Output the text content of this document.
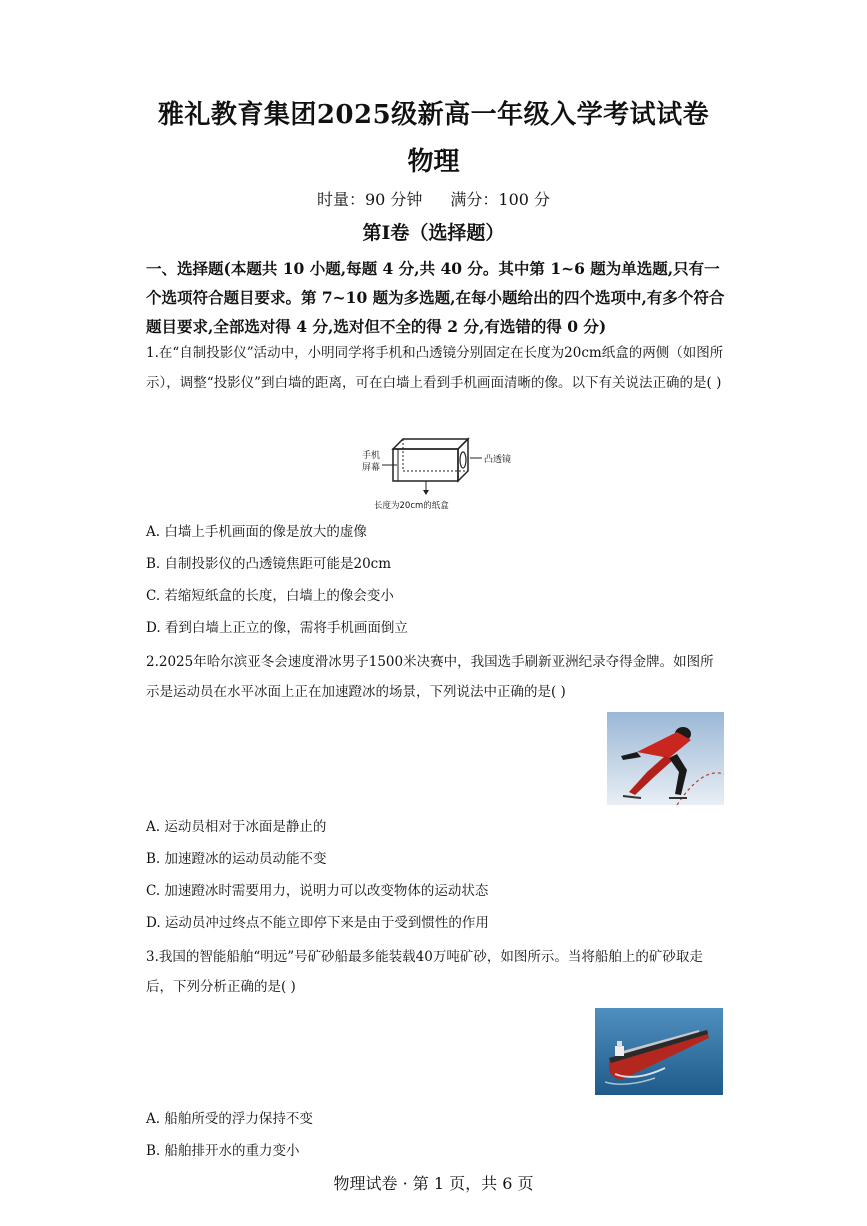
雅礼教育集团2025级新高一年级入学考试试卷
物理
时量：90 分钟 满分：100 分
第Ⅰ卷（选择题）
一、选择题(本题共 10 小题,每题 4 分,共 40 分。其中第 1~6 题为单选题,只有一个选项符合题目要求。第 7~10 题为多选题,在每小题给出的四个选项中,有多个符合题目要求,全部选对得 4 分,选对但不全的得 2 分,有选错的得 0 分)
1.在“自制投影仪”活动中，小明同学将手机和凸透镜分别固定在长度为20cm纸盒的两侧（如图所示），调整“投影仪”到白墙的距离，可在白墙上看到手机画面清晰的像。以下有关说法正确的是( )
手机
屏幕
凸透镜
长度为20cm的纸盒
A. 白墙上手机画面的像是放大的虚像
B. 自制投影仪的凸透镜焦距可能是20cm
C. 若缩短纸盒的长度，白墙上的像会变小
D. 看到白墙上正立的像，需将手机画面倒立
2.2025年哈尔滨亚冬会速度滑冰男子1500米决赛中，我国选手刷新亚洲纪录夺得金牌。如图所示是运动员在水平冰面上正在加速蹬冰的场景，下列说法中正确的是( )
A. 运动员相对于冰面是静止的
B. 加速蹬冰的运动员动能不变
C. 加速蹬冰时需要用力，说明力可以改变物体的运动状态
D. 运动员冲过终点不能立即停下来是由于受到惯性的作用
3.我国的智能船舶“明远”号矿砂船最多能装载40万吨矿砂，如图所示。当将船舶上的矿砂取走后，下列分析正确的是( )
A. 船舶所受的浮力保持不变
B. 船舶排开水的重力变小
物理试卷 · 第 1 页，共 6 页
